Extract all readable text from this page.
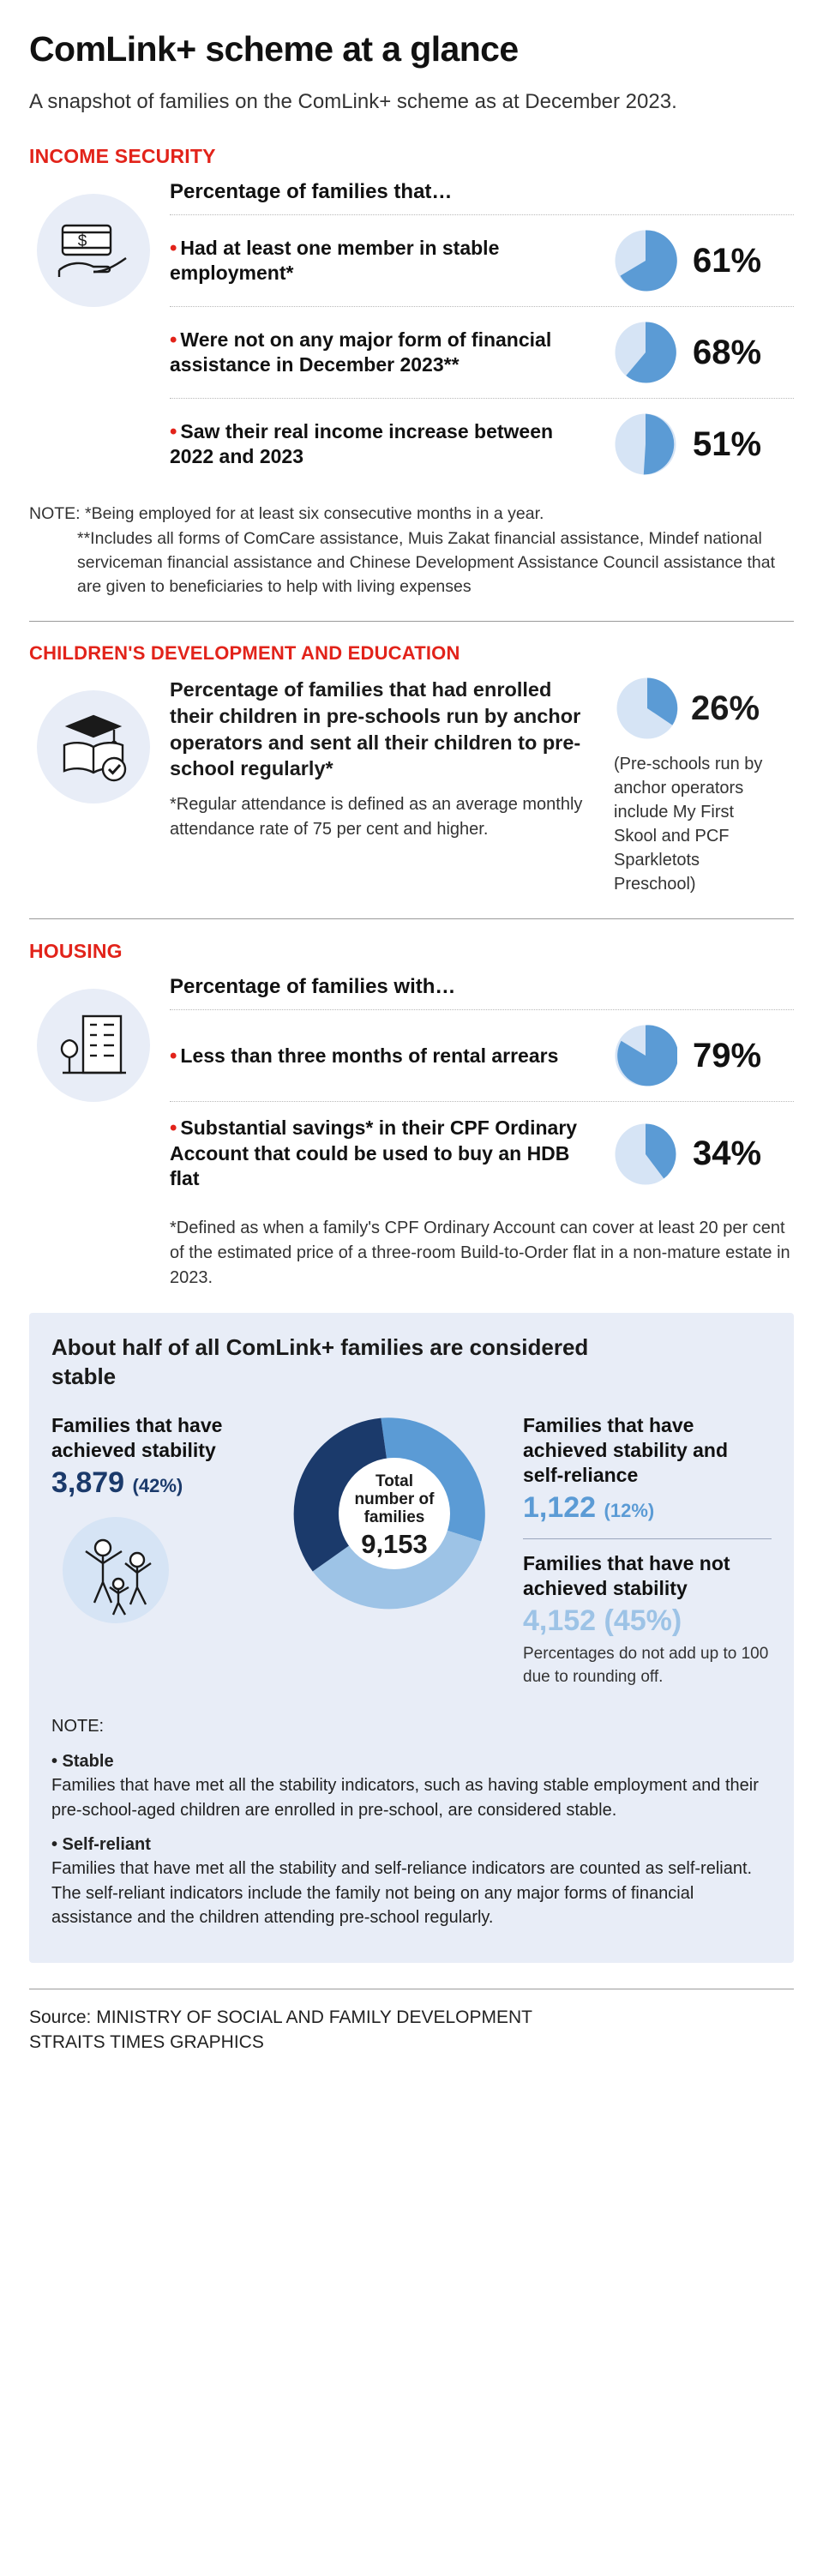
ComLink+ scheme at a glance

A snapshot of families on the ComLink+ scheme as at December 2023.

INCOME SECURITY
$
Percentage of families that…
• Had at least one member in stable employment*	61%
• Were not on any major form of financial assistance in December 2023**	68%
• Saw their real income increase between 2022 and 2023	51%
NOTE: *Being employed for at least six consecutive months in a year.
**Includes all forms of ComCare assistance, Muis Zakat financial assistance, Mindef national serviceman financial assistance and Chinese Development Assistance Council assistance that are given to beneficiaries to help with living expenses
CHILDREN'S DEVELOPMENT AND EDUCATION
Percentage of families that had enrolled their children in pre-schools run by anchor operators and sent all their children to pre-school regularly*
*Regular attendance is defined as an average monthly attendance rate of 75 per cent and higher.
26%
(Pre-schools run by anchor operators include My First Skool and PCF Sparkletots Preschool)
HOUSING
Percentage of families with…
• Less than three months of rental arrears	79%
• Substantial savings* in their CPF Ordinary Account that could be used to buy an HDB flat
34%
*Defined as when a family's CPF Ordinary Account can cover at least 20 per cent of the estimated price of a three-room Build-to-Order flat in a non-mature estate in 2023.
About half of all ComLink+ families are considered stable
Families that have achieved stability
3,879 (42%)	Total
number of
families
9,153
Families that have achieved stability and self-reliance
1,122 (12%)
Families that have not achieved stability
4,152 (45%)
Percentages do not add up to 100 due to rounding off.

NOTE:

• Stable
Families that have met all the stability indicators, such as having stable employment and their pre-school-aged children are enrolled in pre-school, are considered stable.

• Self-reliant
Families that have met all the stability and self-reliance indicators are counted as self-reliant. The self-reliant indicators include the family not being on any major forms of financial assistance and the children attending pre-school regularly.

Source: MINISTRY OF SOCIAL AND FAMILY DEVELOPMENT
STRAITS TIMES GRAPHICS
